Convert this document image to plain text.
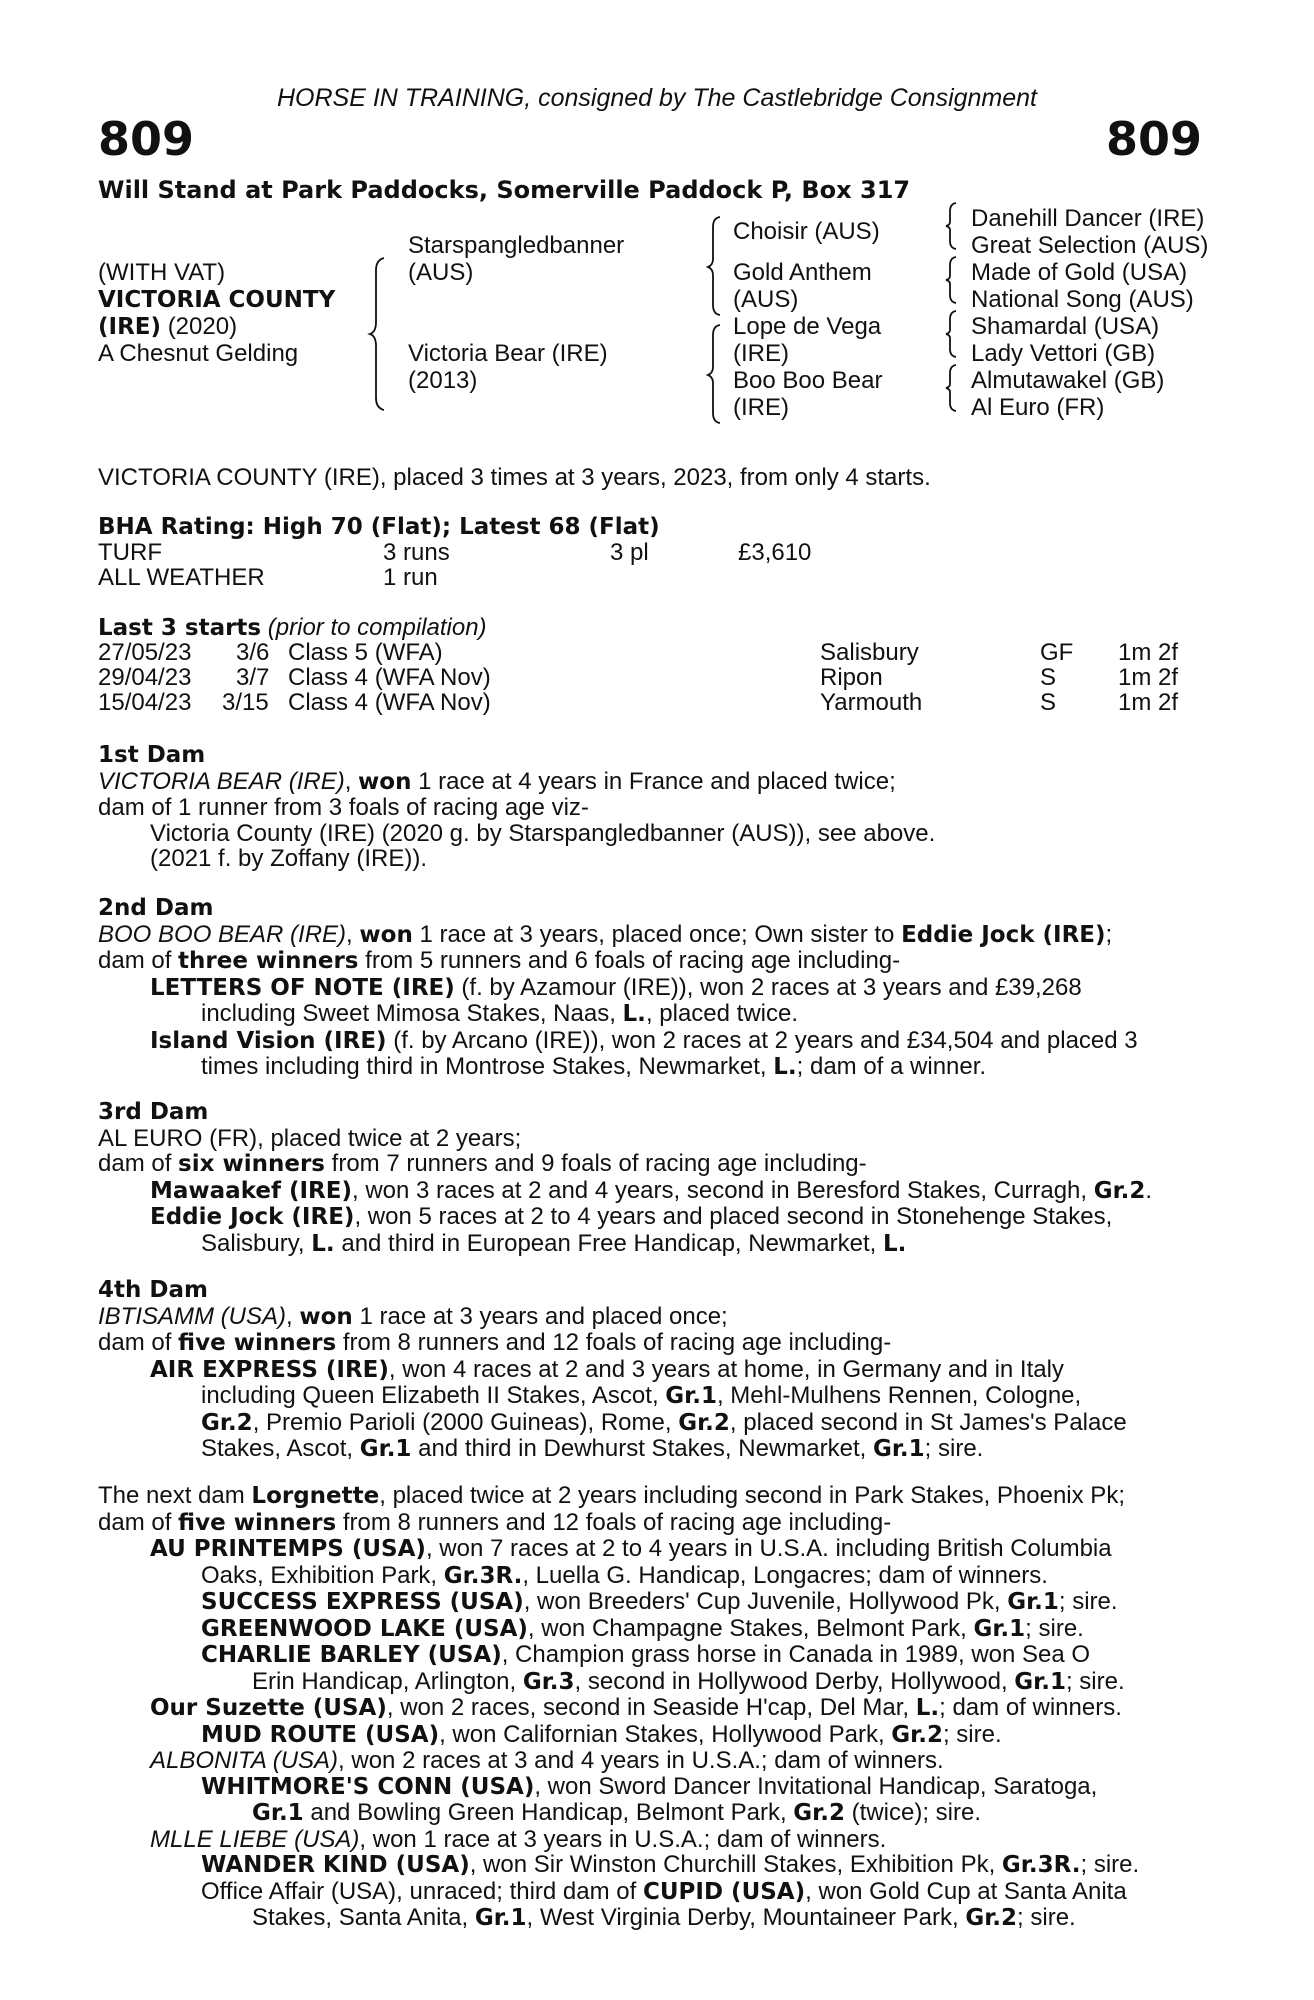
HORSE IN TRAINING, consigned by The Castlebridge Consignment
809	809
Will Stand at Park Paddocks, Somerville Paddock P, Box 317
(WITH VAT)
VICTORIA COUNTY
(IRE) (2020)
A Chesnut Gelding
Starspangledbanner
(AUS)
Victoria Bear (IRE)
(2013)
Choisir (AUS)
Gold Anthem
(AUS)
Lope de Vega
(IRE)
Boo Boo Bear
(IRE)
Danehill Dancer (IRE)
Great Selection (AUS)
Made of Gold (USA)
National Song (AUS)
Shamardal (USA)
Lady Vettori (GB)
Almutawakel (GB)
Al Euro (FR)
VICTORIA COUNTY (IRE), placed 3 times at 3 years, 2023, from only 4 starts.
BHA Rating: High 70 (Flat); Latest 68 (Flat)
TURF	3 runs	3 pl	£3,610
ALL WEATHER	1 run
Last 3 starts (prior to compilation)
27/05/23 3/6 Class 5 (WFA)	Salisbury	GF 1m 2f
29/04/23 3/7 Class 4 (WFA Nov)	Ripon	S	1m 2f
15/04/23 3/15 Class 4 (WFA Nov)	Yarmouth	S	1m 2f
1st Dam
VICTORIA BEAR (IRE), won 1 race at 4 years in France and placed twice;
dam of 1 runner from 3 foals of racing age viz-
Victoria County (IRE) (2020 g. by Starspangledbanner (AUS)), see above.
(2021 f. by Zoffany (IRE)).
2nd Dam
BOO BOO BEAR (IRE), won 1 race at 3 years, placed once; Own sister to Eddie Jock (IRE);
dam of three winners from 5 runners and 6 foals of racing age including-
LETTERS OF NOTE (IRE) (f. by Azamour (IRE)), won 2 races at 3 years and £39,268
including Sweet Mimosa Stakes, Naas, L., placed twice.
Island Vision (IRE) (f. by Arcano (IRE)), won 2 races at 2 years and £34,504 and placed 3
times including third in Montrose Stakes, Newmarket, L.; dam of a winner.
3rd Dam
AL EURO (FR), placed twice at 2 years;
dam of six winners from 7 runners and 9 foals of racing age including-
Mawaakef (IRE), won 3 races at 2 and 4 years, second in Beresford Stakes, Curragh, Gr.2.
Eddie Jock (IRE), won 5 races at 2 to 4 years and placed second in Stonehenge Stakes,
Salisbury, L. and third in European Free Handicap, Newmarket, L.
4th Dam
IBTISAMM (USA), won 1 race at 3 years and placed once;
dam of five winners from 8 runners and 12 foals of racing age including-
AIR EXPRESS (IRE), won 4 races at 2 and 3 years at home, in Germany and in Italy
including Queen Elizabeth II Stakes, Ascot, Gr.1, Mehl-Mulhens Rennen, Cologne,
Gr.2, Premio Parioli (2000 Guineas), Rome, Gr.2, placed second in St James's Palace
Stakes, Ascot, Gr.1 and third in Dewhurst Stakes, Newmarket, Gr.1; sire.
The next dam Lorgnette, placed twice at 2 years including second in Park Stakes, Phoenix Pk;
dam of five winners from 8 runners and 12 foals of racing age including-
AU PRINTEMPS (USA), won 7 races at 2 to 4 years in U.S.A. including British Columbia
Oaks, Exhibition Park, Gr.3R., Luella G. Handicap, Longacres; dam of winners.
SUCCESS EXPRESS (USA), won Breeders' Cup Juvenile, Hollywood Pk, Gr.1; sire.
GREENWOOD LAKE (USA), won Champagne Stakes, Belmont Park, Gr.1; sire.
CHARLIE BARLEY (USA), Champion grass horse in Canada in 1989, won Sea O
Erin Handicap, Arlington, Gr.3, second in Hollywood Derby, Hollywood, Gr.1; sire.
Our Suzette (USA), won 2 races, second in Seaside H'cap, Del Mar, L.; dam of winners.
MUD ROUTE (USA), won Californian Stakes, Hollywood Park, Gr.2; sire.
ALBONITA (USA), won 2 races at 3 and 4 years in U.S.A.; dam of winners.
WHITMORE'S CONN (USA), won Sword Dancer Invitational Handicap, Saratoga,
Gr.1 and Bowling Green Handicap, Belmont Park, Gr.2 (twice); sire.
MLLE LIEBE (USA), won 1 race at 3 years in U.S.A.; dam of winners.
WANDER KIND (USA), won Sir Winston Churchill Stakes, Exhibition Pk, Gr.3R.; sire.
Office Affair (USA), unraced; third dam of CUPID (USA), won Gold Cup at Santa Anita
Stakes, Santa Anita, Gr.1, West Virginia Derby, Mountaineer Park, Gr.2; sire.
